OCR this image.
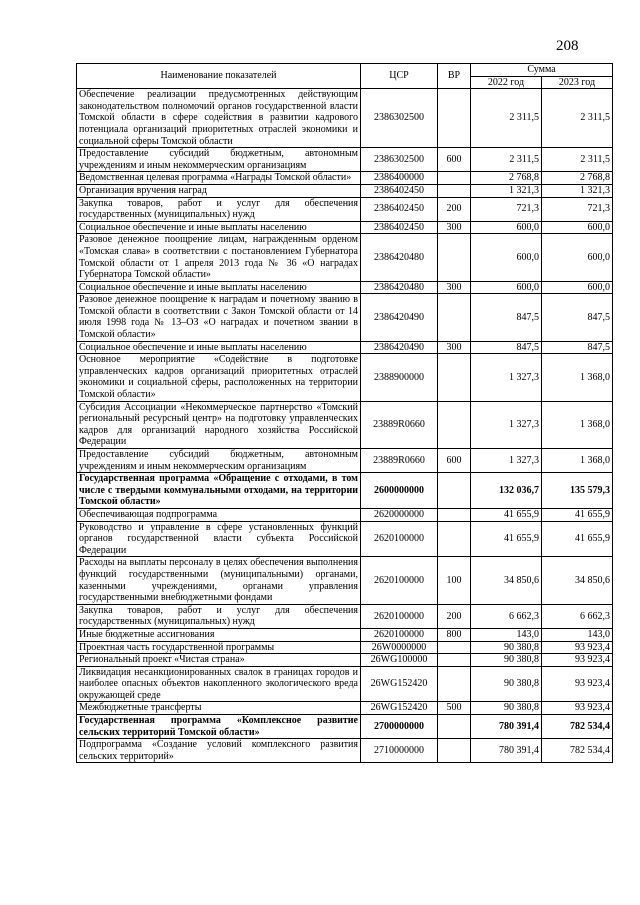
208
Наименование показателей	ЦСР	ВР	Сумма	
			2022 год	2023 год
Обеспечение реализации предусмотренных действующим законодательством полномочий органов государственной власти Томской области в сфере содействия в развитии кадрового потенциала организаций приоритетных отраслей экономики и социальной сферы Томской области	2386302500		2 311,5	2 311,5
Предоставление субсидий бюджетным, автономным учреждениям и иным некоммерческим организациям	2386302500	600	2 311,5	2 311,5
Ведомственная целевая программа «Награды Томской области»	2386400000		2 768,8	2 768,8
Организация вручения наград	2386402450		1 321,3	1 321,3
Закупка товаров, работ и услуг для обеспечения государственных (муниципальных) нужд	2386402450	200	721,3	721,3
Социальное обеспечение и иные выплаты населению	2386402450	300	600,0	600,0
Разовое денежное поощрение лицам, награжденным орденом «Томская слава» в соответствии с постановлением Губернатора Томской области от 1 апреля 2013 года № 36 «О наградах Губернатора Томской области»	2386420480		600,0	600,0
Социальное обеспечение и иные выплаты населению	2386420480	300	600,0	600,0
Разовое денежное поощрение к наградам и почетному званию в Томской области в соответствии с Закон Томской области от 14 июля 1998 года № 13–ОЗ «О наградах и почетном звании в Томской области»	2386420490		847,5	847,5
Социальное обеспечение и иные выплаты населению	2386420490	300	847,5	847,5
Основное мероприятие «Содействие в подготовке управленческих кадров организаций приоритетных отраслей экономики и социальной сферы, расположенных на территории Томской области»	2388900000		1 327,3	1 368,0
Субсидия Ассоциации «Некоммерческое партнерство «Томский региональный ресурсный центр» на подготовку управленческих кадров для организаций народного хозяйства Российской Федерации	23889R0660		1 327,3	1 368,0
Предоставление субсидий бюджетным, автономным учреждениям и иным некоммерческим организациям	23889R0660	600	1 327,3	1 368,0
Государственная программа «Обращение с отходами, в том числе с твердыми коммунальными отходами, на территории Томской области»	2600000000		132 036,7	135 579,3
Обеспечивающая подпрограмма	2620000000		41 655,9	41 655,9
Руководство и управление в сфере установленных функций органов государственной власти субъекта Российской Федерации	2620100000		41 655,9	41 655,9
Расходы на выплаты персоналу в целях обеспечения выполнения функций государственными (муниципальными) органами, казенными учреждениями, органами управления государственными внебюджетными фондами	2620100000	100	34 850,6	34 850,6
Закупка товаров, работ и услуг для обеспечения государственных (муниципальных) нужд	2620100000	200	6 662,3	6 662,3
Иные бюджетные ассигнования	2620100000	800	143,0	143,0
Проектная часть государственной программы	26W0000000		90 380,8	93 923,4
Региональный проект «Чистая страна»	26WG100000		90 380,8	93 923,4
Ликвидация несанкционированных свалок в границах городов и наиболее опасных объектов накопленного экологического вреда окружающей среде	26WG152420		90 380,8	93 923,4
Межбюджетные трансферты	26WG152420	500	90 380,8	93 923,4
Государственная программа «Комплексное развитие сельских территорий Томской области»	2700000000		780 391,4	782 534,4
Подпрограмма «Создание условий комплексного развития сельских территорий»	2710000000		780 391,4	782 534,4
